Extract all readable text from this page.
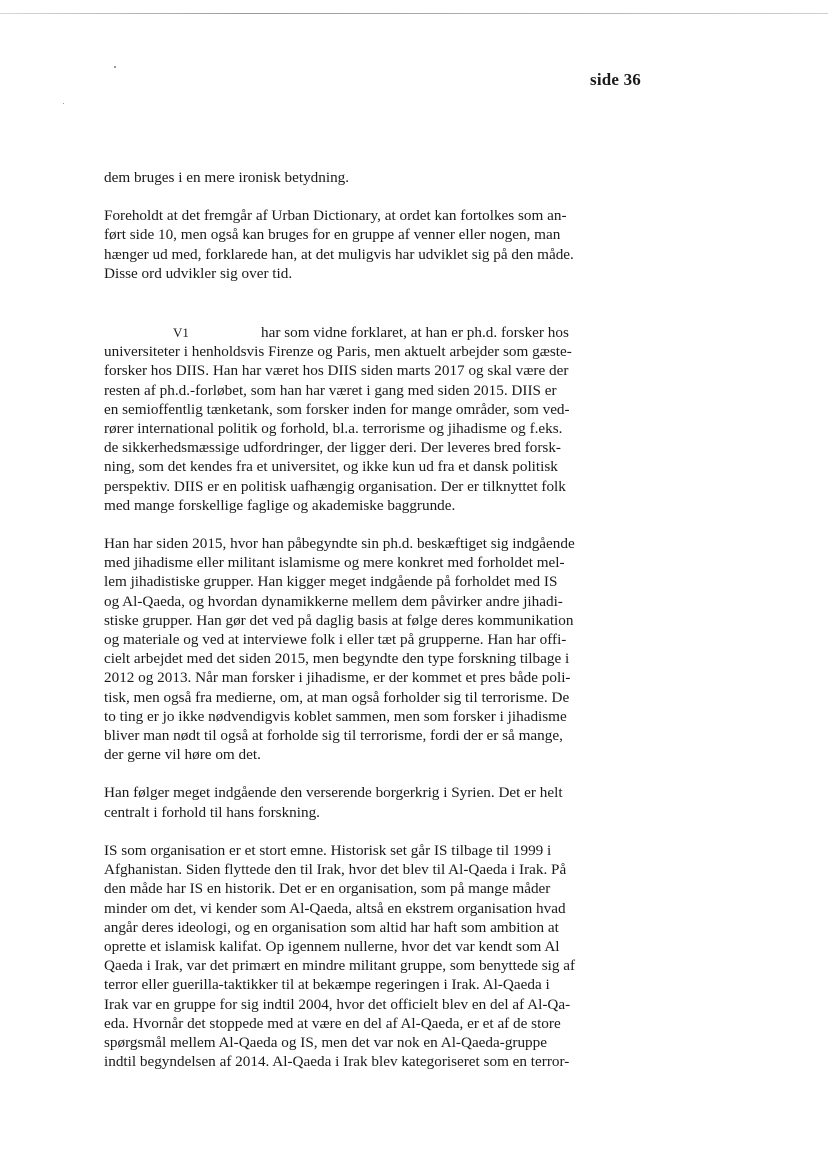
side 36

dem bruges i en mere ironisk betydning.

Foreholdt at det fremgår af Urban Dictionary, at ordet kan fortolkes som an-
ført side 10, men også kan bruges for en gruppe af venner eller nogen, man
hænger ud med, forklarede han, at det muligvis har udviklet sig på den måde.
Disse ord udvikler sig over tid.

V1	har som vidne forklaret, at han er ph.d. forsker hos
universiteter i henholdsvis Firenze og Paris, men aktuelt arbejder som gæste-
forsker hos DIIS. Han har været hos DIIS siden marts 2017 og skal være der
resten af ph.d.-forløbet, som han har været i gang med siden 2015. DIIS er
en semioffentlig tænketank, som forsker inden for mange områder, som ved-
rører international politik og forhold, bl.a. terrorisme og jihadisme og f.eks.
de sikkerhedsmæssige udfordringer, der ligger deri. Der leveres bred forsk-
ning, som det kendes fra et universitet, og ikke kun ud fra et dansk politisk
perspektiv. DIIS er en politisk uafhængig organisation. Der er tilknyttet folk
med mange forskellige faglige og akademiske baggrunde.

Han har siden 2015, hvor han påbegyndte sin ph.d. beskæftiget sig indgående
med jihadisme eller militant islamisme og mere konkret med forholdet mel-
lem jihadistiske grupper. Han kigger meget indgående på forholdet med IS
og Al-Qaeda, og hvordan dynamikkerne mellem dem påvirker andre jihadi-
stiske grupper. Han gør det ved på daglig basis at følge deres kommunikation
og materiale og ved at interviewe folk i eller tæt på grupperne. Han har offi-
cielt arbejdet med det siden 2015, men begyndte den type forskning tilbage i
2012 og 2013. Når man forsker i jihadisme, er der kommet et pres både poli-
tisk, men også fra medierne, om, at man også forholder sig til terrorisme. De
to ting er jo ikke nødvendigvis koblet sammen, men som forsker i jihadisme
bliver man nødt til også at forholde sig til terrorisme, fordi der er så mange,
der gerne vil høre om det.

Han følger meget indgående den verserende borgerkrig i Syrien. Det er helt
centralt i forhold til hans forskning.

IS som organisation er et stort emne. Historisk set går IS tilbage til 1999 i
Afghanistan. Siden flyttede den til Irak, hvor det blev til Al-Qaeda i Irak. På
den måde har IS en historik. Det er en organisation, som på mange måder
minder om det, vi kender som Al-Qaeda, altså en ekstrem organisation hvad
angår deres ideologi, og en organisation som altid har haft som ambition at
oprette et islamisk kalifat. Op igennem nullerne, hvor det var kendt som Al
Qaeda i Irak, var det primært en mindre militant gruppe, som benyttede sig af
terror eller guerilla-taktikker til at bekæmpe regeringen i Irak. Al-Qaeda i
Irak var en gruppe for sig indtil 2004, hvor det officielt blev en del af Al-Qa-
eda. Hvornår det stoppede med at være en del af Al-Qaeda, er et af de store
spørgsmål mellem Al-Qaeda og IS, men det var nok en Al-Qaeda-gruppe
indtil begyndelsen af 2014. Al-Qaeda i Irak blev kategoriseret som en terror-
